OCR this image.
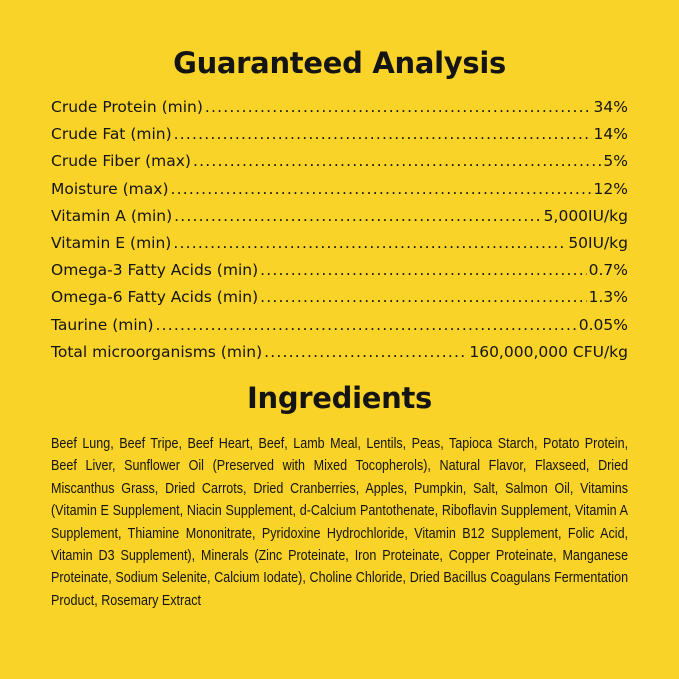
Guaranteed Analysis
Crude Protein (min) .....	34%
Crude Fat (min) .....	14%
Crude Fiber (max) .....	5%
Moisture (max) .....	12%
Vitamin A (min) .....	5,000IU/kg
Vitamin E (min) .....	50IU/kg
Omega-3 Fatty Acids (min) .....	0.7%
Omega-6 Fatty Acids (min) .....	1.3%
Taurine (min) .....	0.05%
Total microorganisms (min) .....	160,000,000 CFU/kg
Ingredients

Beef Lung, Beef Tripe, Beef Heart, Beef, Lamb Meal, Lentils, Peas, Tapioca Starch, Potato Protein, Beef Liver, Sunflower Oil (Preserved with Mixed Tocopherols), Natural Flavor, Flaxseed, Dried Miscanthus Grass, Dried Carrots, Dried Cranberries, Apples, Pumpkin, Salt, Salmon Oil, Vitamins (Vitamin E Supplement, Niacin Supplement, d-Calcium Pantothenate, Riboflavin Supplement, Vitamin A Supplement, Thiamine Mononitrate, Pyridoxine Hydrochloride, Vitamin B12 Supplement, Folic Acid, Vitamin D3 Supplement), Minerals (Zinc Proteinate, Iron Proteinate, Copper Proteinate, Manganese Proteinate, Sodium Selenite, Calcium Iodate), Choline Chloride, Dried Bacillus Coagulans Fermentation Product, Rosemary Extract
